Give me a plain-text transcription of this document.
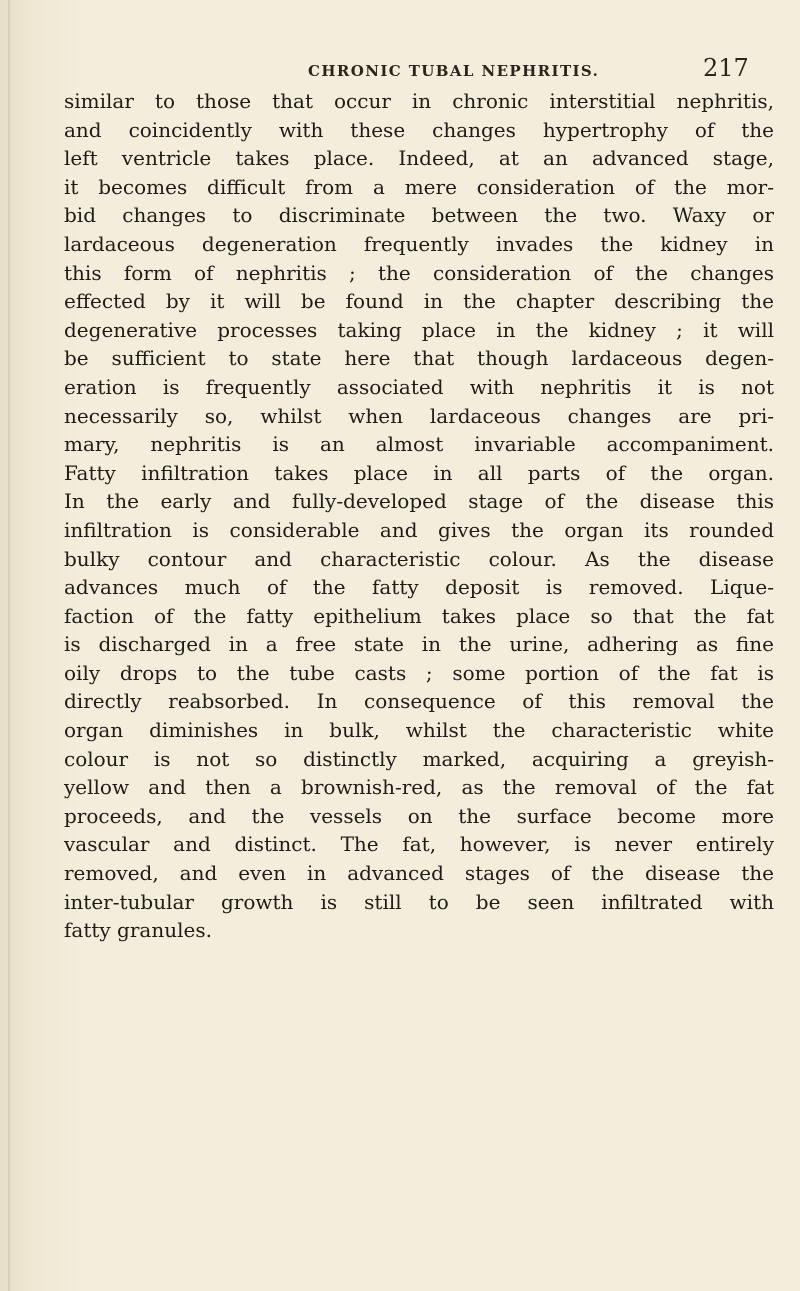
CHRONIC TUBAL NEPHRITIS.	217
similar to those that occur in chronic interstitial nephritis,
and coincidently with these changes hypertrophy of the
left ventricle takes place. Indeed, at an advanced stage,
it becomes difficult from a mere consideration of the mor-
bid changes to discriminate between the two. Waxy or
lardaceous degeneration frequently invades the kidney in
this form of nephritis ; the consideration of the changes
effected by it will be found in the chapter describing the
degenerative processes taking place in the kidney ; it will
be sufficient to state here that though lardaceous degen-
eration is frequently associated with nephritis it is not
necessarily so, whilst when lardaceous changes are pri-
mary, nephritis is an almost invariable accompaniment.
Fatty infiltration takes place in all parts of the organ.
In the early and fully-developed stage of the disease this
infiltration is considerable and gives the organ its rounded
bulky contour and characteristic colour. As the disease
advances much of the fatty deposit is removed. Lique-
faction of the fatty epithelium takes place so that the fat
is discharged in a free state in the urine, adhering as fine
oily drops to the tube casts ; some portion of the fat is
directly reabsorbed. In consequence of this removal the
organ diminishes in bulk, whilst the characteristic white
colour is not so distinctly marked, acquiring a greyish-
yellow and then a brownish-red, as the removal of the fat
proceeds, and the vessels on the surface become more
vascular and distinct. The fat, however, is never entirely
removed, and even in advanced stages of the disease the
inter-tubular growth is still to be seen infiltrated with
fatty granules.
